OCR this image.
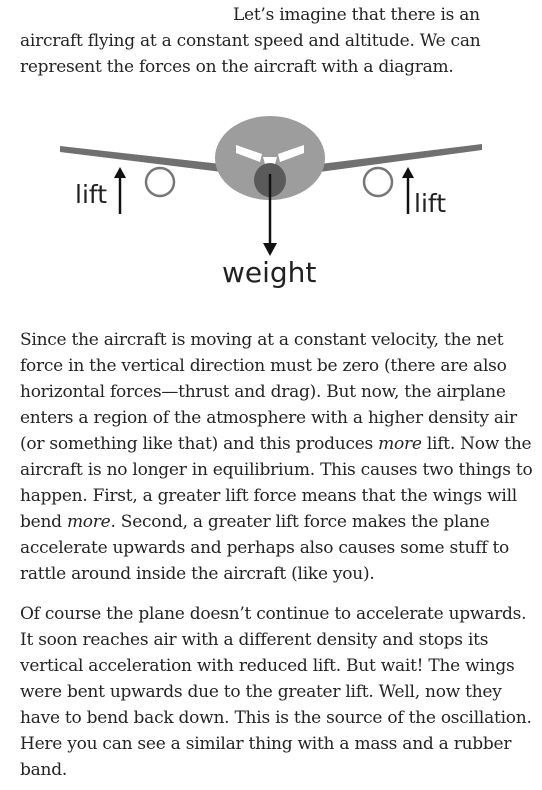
Let’s imagine that there is an
aircraft flying at a constant speed and altitude. We can
represent the forces on the aircraft with a diagram.

lift	lift
weight

Since the aircraft is moving at a constant velocity, the net
force in the vertical direction must be zero (there are also
horizontal forces—thrust and drag). But now, the airplane
enters a region of the atmosphere with a higher density air
(or something like that) and this produces more lift. Now the
aircraft is no longer in equilibrium. This causes two things to
happen. First, a greater lift force means that the wings will
bend more. Second, a greater lift force makes the plane
accelerate upwards and perhaps also causes some stuff to
rattle around inside the aircraft (like you).

Of course the plane doesn’t continue to accelerate upwards.
It soon reaches air with a different density and stops its
vertical acceleration with reduced lift. But wait! The wings
were bent upwards due to the greater lift. Well, now they
have to bend back down. This is the source of the oscillation.
Here you can see a similar thing with a mass and a rubber
band.
